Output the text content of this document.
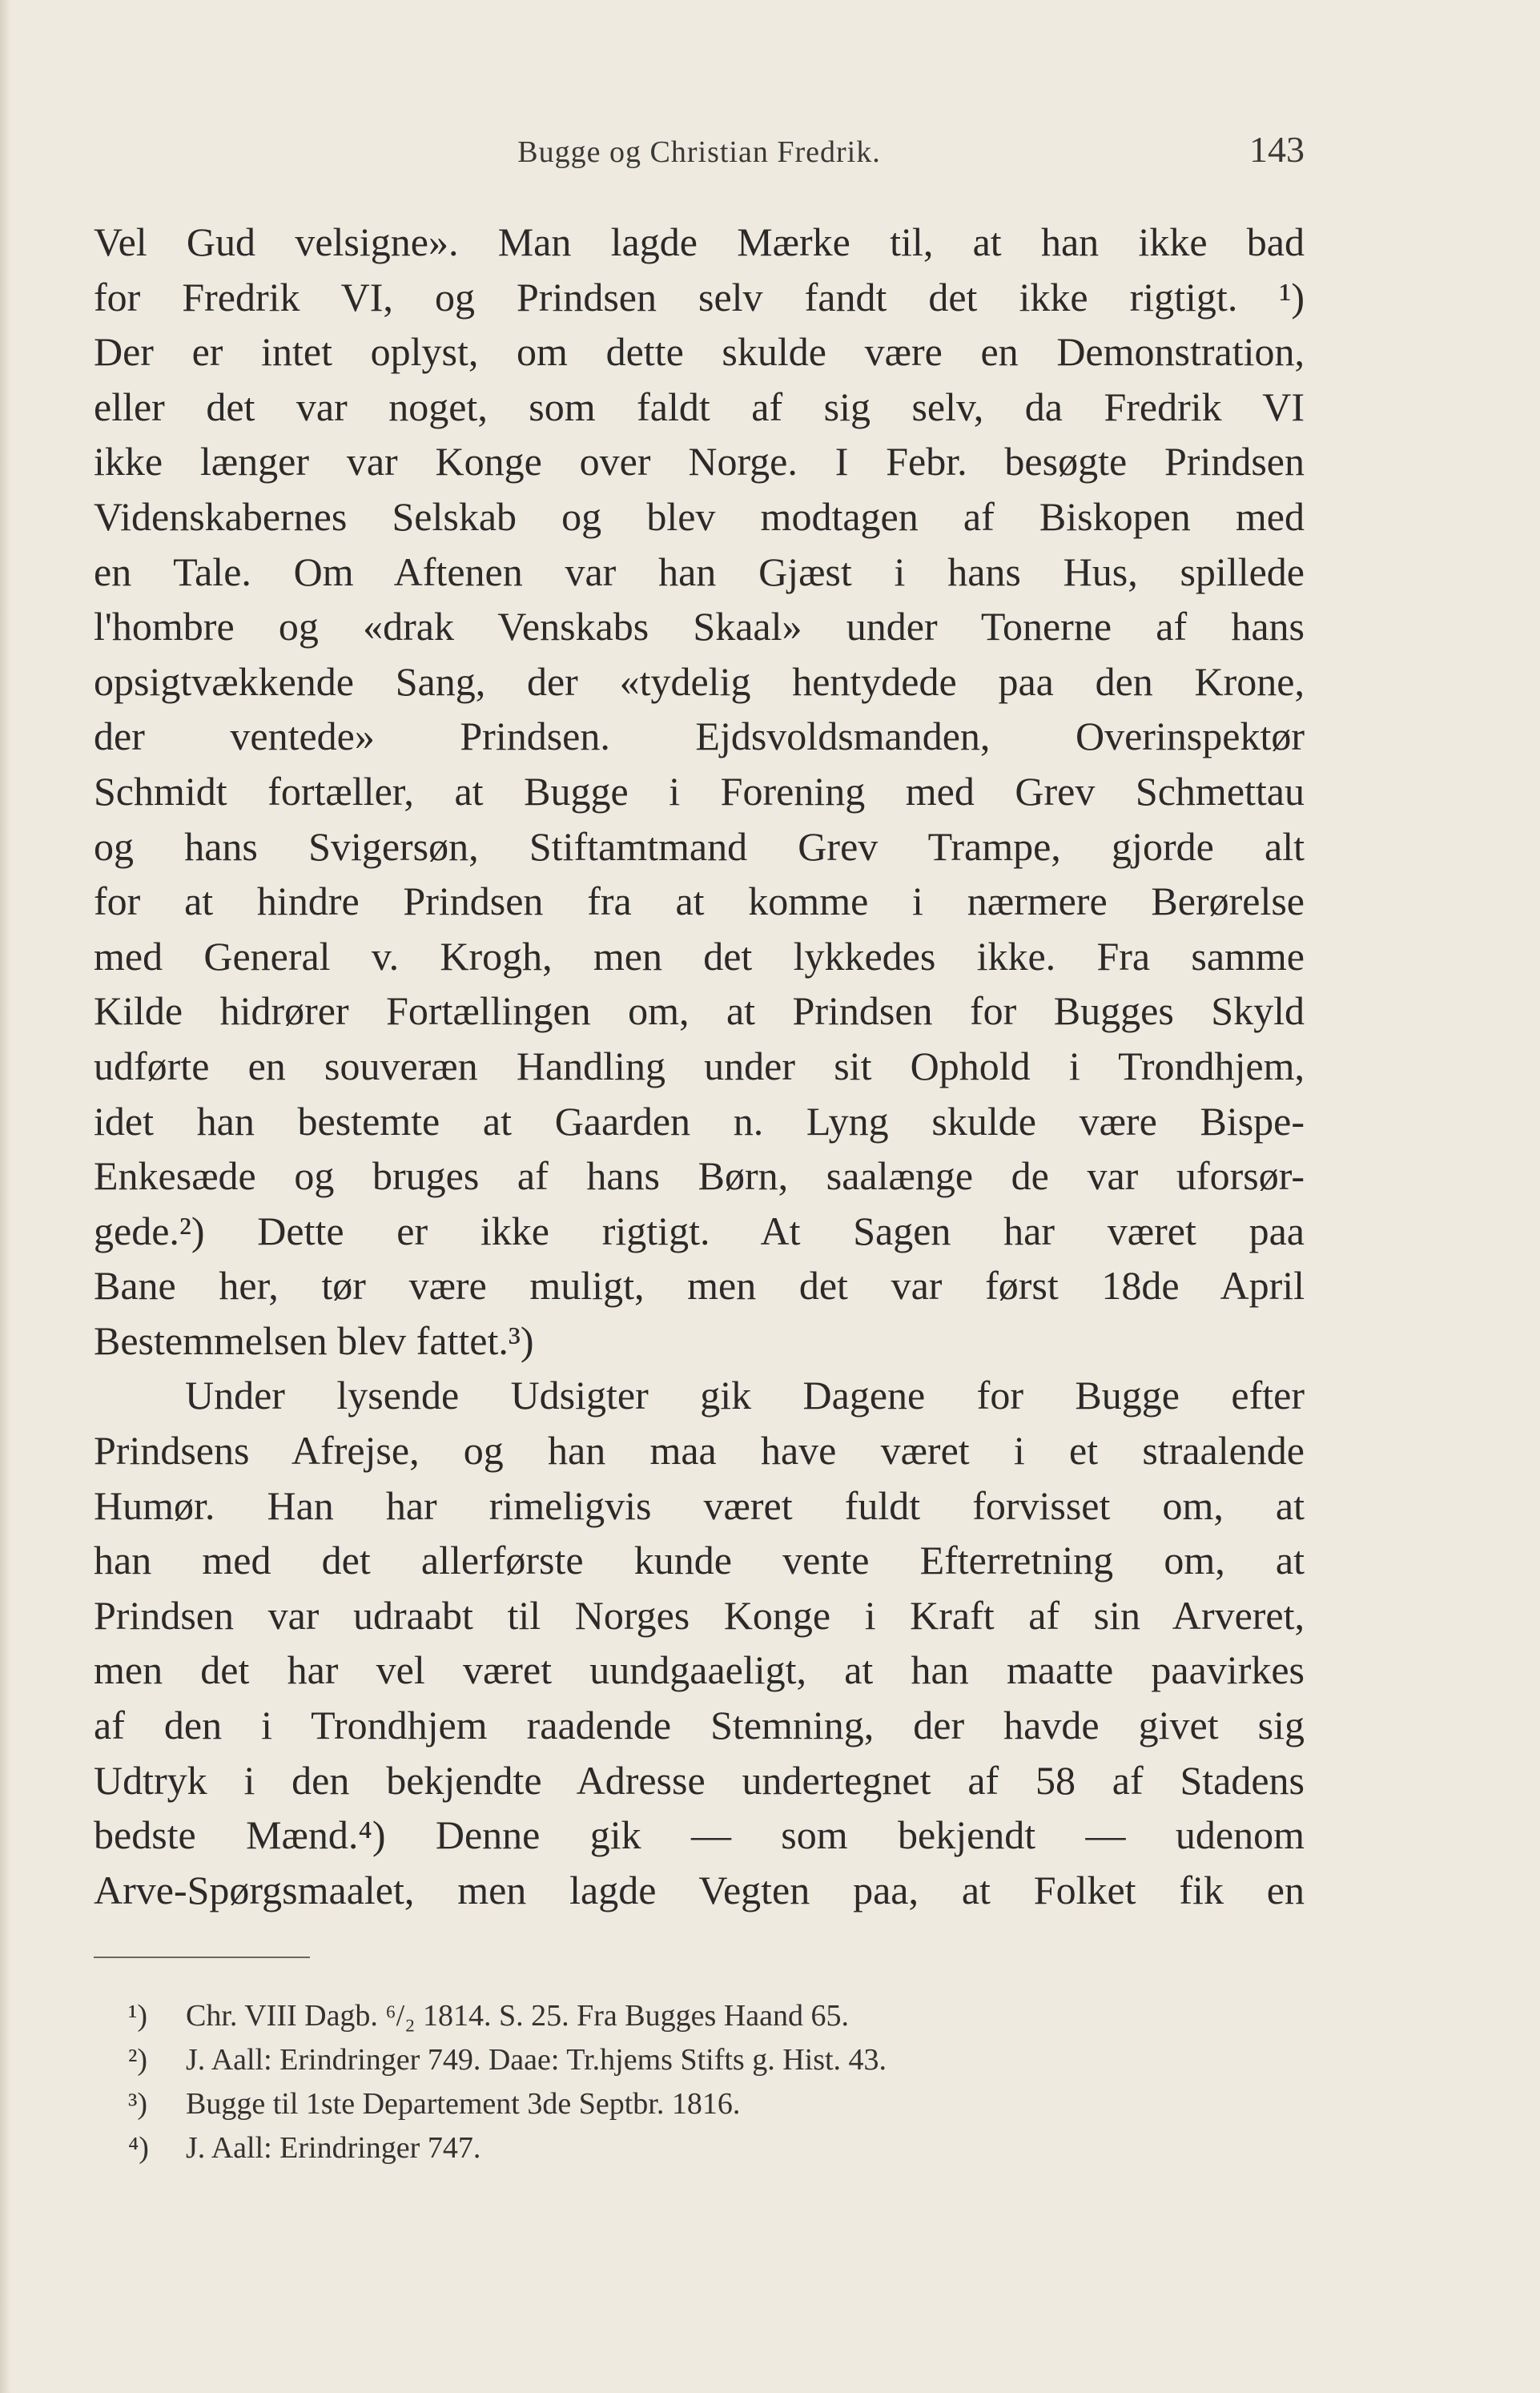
Bugge og Christian Fredrik.	143
Vel Gud velsigne». Man lagde Mærke til, at han ikke bad
for Fredrik VI, og Prindsen selv fandt det ikke rigtigt. ¹)
Der er intet oplyst, om dette skulde være en Demonstration,
eller det var noget, som faldt af sig selv, da Fredrik VI
ikke længer var Konge over Norge. I Febr. besøgte Prindsen
Videnskabernes Selskab og blev modtagen af Biskopen med
en Tale. Om Aftenen var han Gjæst i hans Hus, spillede
l'hombre og «drak Venskabs Skaal» under Tonerne af hans
opsigtvækkende Sang, der «tydelig hentydede paa den Krone,
der ventede» Prindsen. Ejdsvoldsmanden, Overinspektør
Schmidt fortæller, at Bugge i Forening med Grev Schmettau
og hans Svigersøn, Stiftamtmand Grev Trampe, gjorde alt
for at hindre Prindsen fra at komme i nærmere Berørelse
med General v. Krogh, men det lykkedes ikke. Fra samme
Kilde hidrører Fortællingen om, at Prindsen for Bugges Skyld
udførte en souveræn Handling under sit Ophold i Trondhjem,
idet han bestemte at Gaarden n. Lyng skulde være Bispe-
Enkesæde og bruges af hans Børn, saalænge de var uforsør-
gede.²) Dette er ikke rigtigt. At Sagen har været paa
Bane her, tør være muligt, men det var først 18de April
Bestemmelsen blev fattet.³)
Under lysende Udsigter gik Dagene for Bugge efter
Prindsens Afrejse, og han maa have været i et straalende
Humør. Han har rimeligvis været fuldt forvisset om, at
han med det allerførste kunde vente Efterretning om, at
Prindsen var udraabt til Norges Konge i Kraft af sin Arveret,
men det har vel været uundgaaeligt, at han maatte paavirkes
af den i Trondhjem raadende Stemning, der havde givet sig
Udtryk i den bekjendte Adresse undertegnet af 58 af Stadens
bedste Mænd.⁴) Denne gik — som bekjendt — udenom
Arve-Spørgsmaalet, men lagde Vegten paa, at Folket fik en
¹) Chr. VIII Dagb. ⁶/₂ 1814. S. 25. Fra Bugges Haand 65.
²) J. Aall: Erindringer 749. Daae: Tr.hjems Stifts g. Hist. 43.
³) Bugge til 1ste Departement 3de Septbr. 1816.
⁴) J. Aall: Erindringer 747.
